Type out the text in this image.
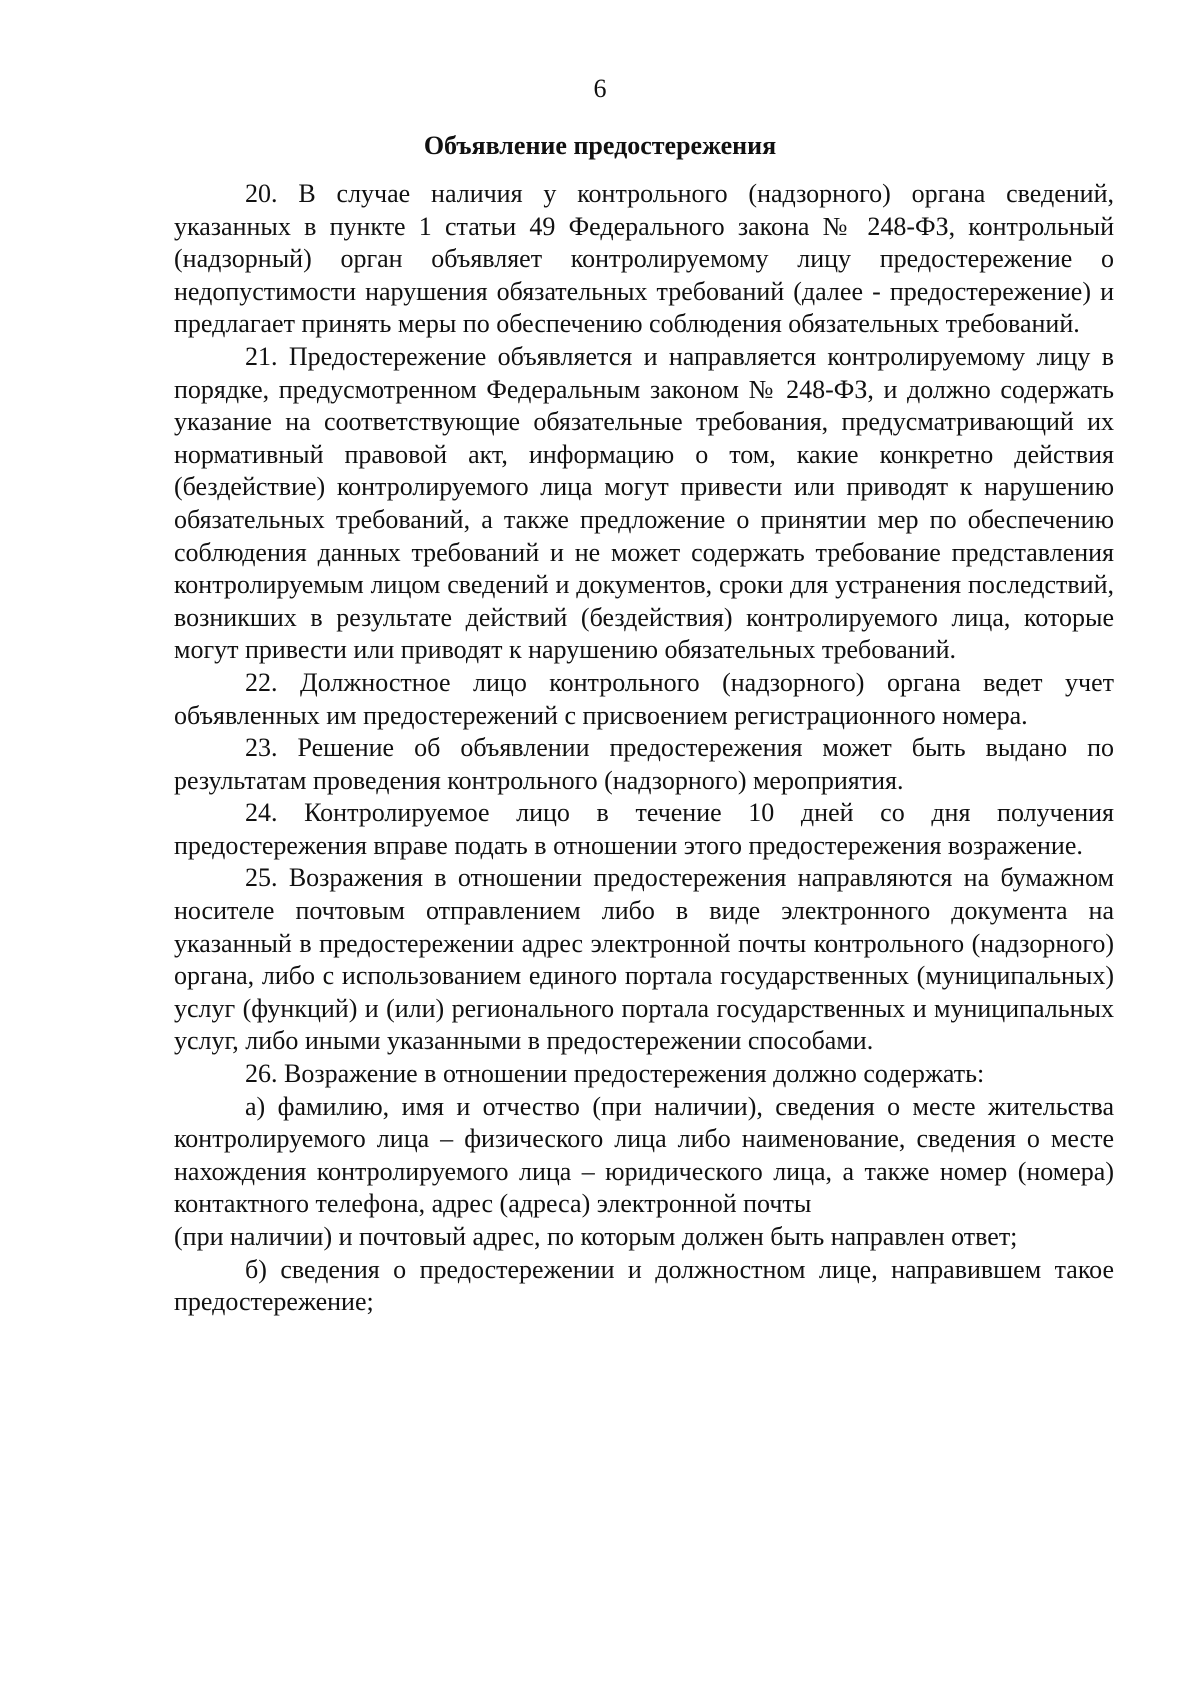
6
Объявление предостережения

20. В случае наличия у контрольного (надзорного) органа сведений, указанных в пункте 1 статьи 49 Федерального закона № 248-ФЗ, контрольный (надзорный) орган объявляет контролируемому лицу предостережение о недопустимости нарушения обязательных требований (далее - предостережение) и предлагает принять меры по обеспечению соблюдения обязательных требований.

21. Предостережение объявляется и направляется контролируемому лицу в порядке, предусмотренном Федеральным законом № 248-ФЗ, и должно содержать указание на соответствующие обязательные требования, предусматривающий их нормативный правовой акт, информацию о том, какие конкретно действия (бездействие) контролируемого лица могут привести или приводят к нарушению обязательных требований, а также предложение о принятии мер по обеспечению соблюдения данных требований и не может содержать требование представления контролируемым лицом сведений и документов, сроки для устранения последствий, возникших в результате действий (бездействия) контролируемого лица, которые могут привести или приводят к нарушению обязательных требований.

22. Должностное лицо контрольного (надзорного) органа ведет учет объявленных им предостережений с присвоением регистрационного номера.

23. Решение об объявлении предостережения может быть выдано по результатам проведения контрольного (надзорного) мероприятия.

24. Контролируемое лицо в течение 10 дней со дня получения предостережения вправе подать в отношении этого предостережения возражение.

25. Возражения в отношении предостережения направляются на бумажном носителе почтовым отправлением либо в виде электронного документа на указанный в предостережении адрес электронной почты контрольного (надзорного) органа, либо с использованием единого портала государственных (муниципальных) услуг (функций) и (или) регионального портала государственных и муниципальных услуг, либо иными указанными в предостережении способами.

26. Возражение в отношении предостережения должно содержать:

а) фамилию, имя и отчество (при наличии), сведения о месте жительства контролируемого лица – физического лица либо наименование, сведения о месте нахождения контролируемого лица – юридического лица, а также номер (номера) контактного телефона, адрес (адреса) электронной почты

(при наличии) и почтовый адрес, по которым должен быть направлен ответ;

б) сведения о предостережении и должностном лице, направившем такое предостережение;
